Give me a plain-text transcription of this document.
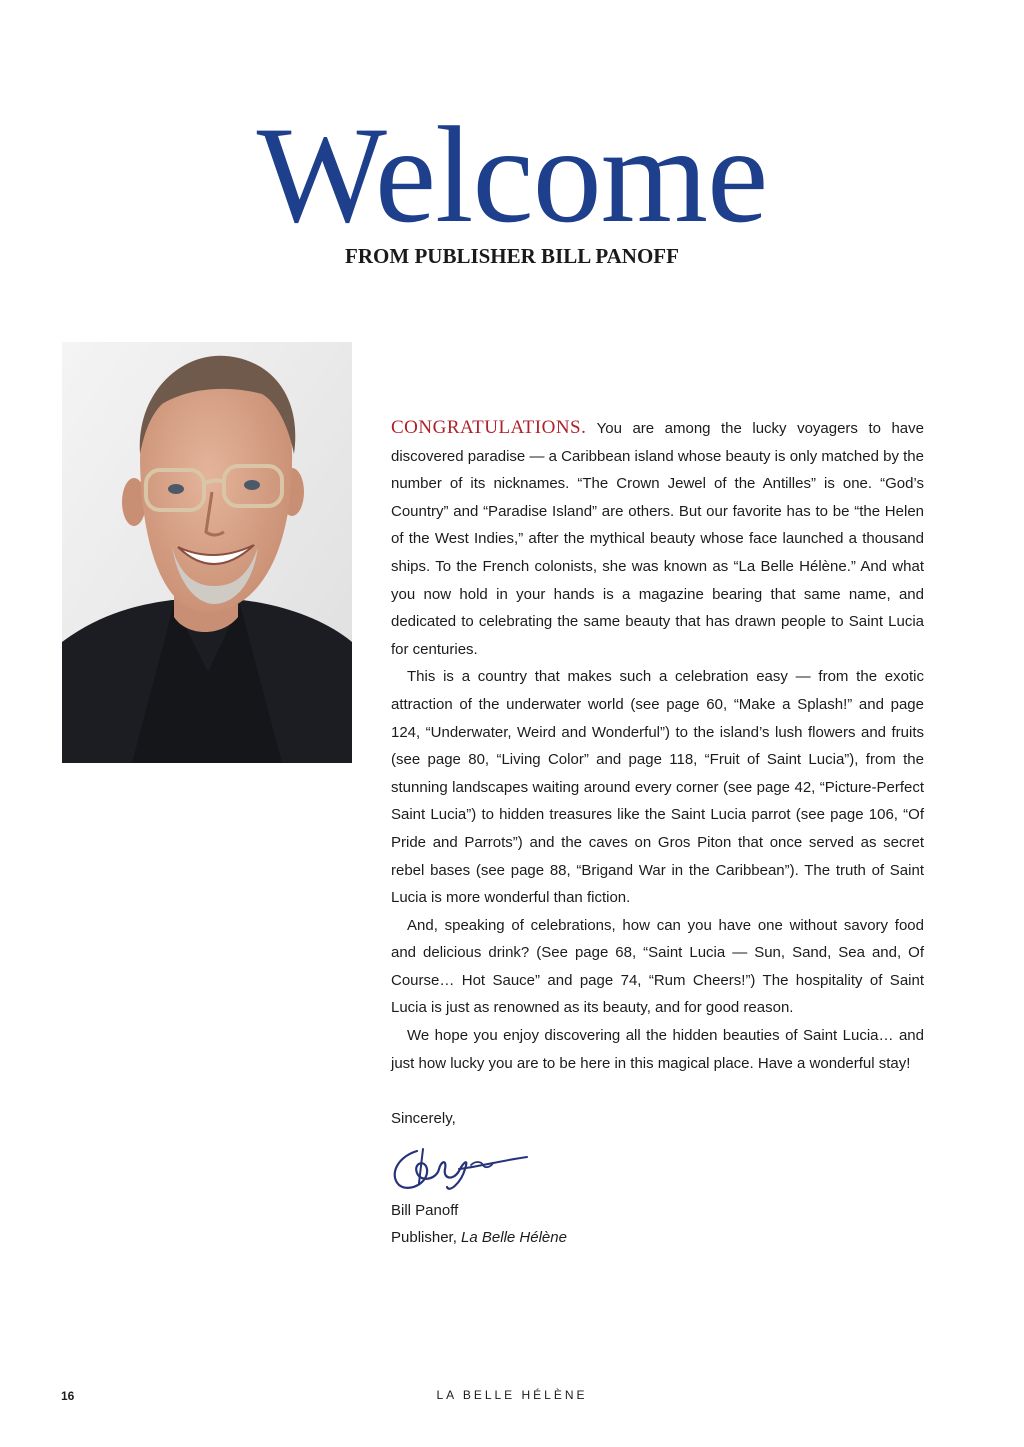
Welcome
FROM PUBLISHER BILL PANOFF

CONGRATULATIONS. You are among the lucky voyagers to have discovered paradise — a Caribbean island whose beauty is only matched by the number of its nicknames. “The Crown Jewel of the Antilles” is one. “God’s Country” and “Paradise Island” are others. But our favorite has to be “the Helen of the West Indies,” after the mythical beauty whose face launched a thousand ships. To the French colonists, she was known as “La Belle Hélène.” And what you now hold in your hands is a magazine bearing that same name, and dedicated to celebrating the same beauty that has drawn people to Saint Lucia for centuries.

This is a country that makes such a celebration easy — from the exotic attraction of the underwater world (see page 60, “Make a Splash!” and page 124, “Underwater, Weird and Wonderful”) to the island’s lush flowers and fruits (see page 80, “Living Color” and page 118, “Fruit of Saint Lucia”), from the stunning landscapes waiting around every corner (see page 42, “Picture-Perfect Saint Lucia”) to hidden treasures like the Saint Lucia parrot (see page 106, “Of Pride and Parrots”) and the caves on Gros Piton that once served as secret rebel bases (see page 88, “Brigand War in the Caribbean”). The truth of Saint Lucia is more wonderful than fiction.

And, speaking of celebrations, how can you have one without savory food and delicious drink? (See page 68, “Saint Lucia — Sun, Sand, Sea and, Of Course… Hot Sauce” and page 74, “Rum Cheers!”) The hospitality of Saint Lucia is just as renowned as its beauty, and for good reason.

We hope you enjoy discovering all the hidden beauties of Saint Lucia… and just how lucky you are to be here in this magical place. Have a wonderful stay!

Sincerely,
Bill Panoff
Publisher, La Belle Hélène
16	LA BELLE HÉLÈNE
